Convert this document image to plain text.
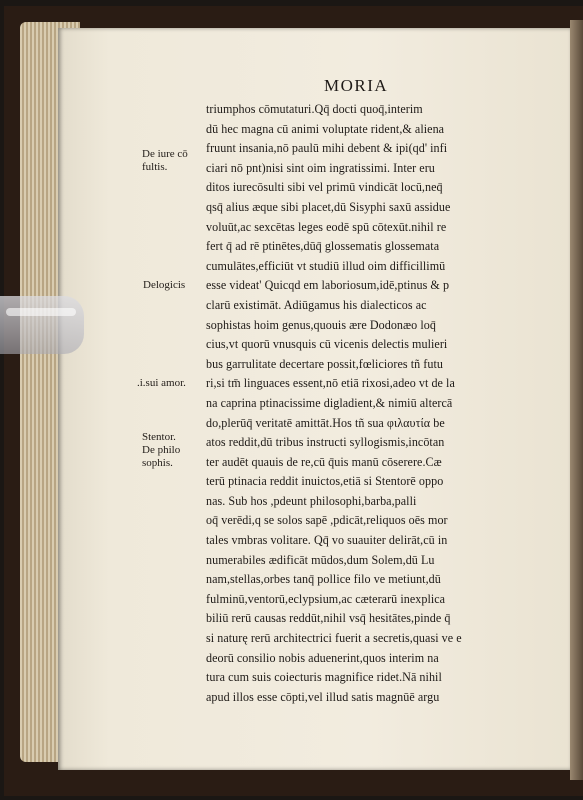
MORIA
De iure cō
fultis.
Delogicis
.i.sui amor.
Stentor.
De philo
sophis.
triumphos cōmutaturi.Qq̄ docti quoq̄,interim
dū hec magna cū animi voluptate rident,& aliena
fruunt insania,nō paulū mihi debent & ipi(qd' infi
ciari nō pnt)nisi sint oim ingratissimi. Inter eru
ditos iurecōsulti sibi vel primū vindicāt locū,neq̄
qsq̄ alius æque sibi placet,dū Sisyphi saxū assidue
voluūt,ac sexcētas leges eodē spū cōtexūt.nihil re
fert q̄ ad rē ptinētes,dūq̄ glossematis glossemata
cumulātes,efficiūt vt studiū illud oim difficillimū
esse videat' Quicqd em laboriosum,idē,ptinus & p
clarū existimāt. Adiūgamus his dialecticos ac
sophistas hoim genus,quouis ære Dodonæo loq̄
cius,vt quorū vnusquis cū vicenis delectis mulieri
bus garrulitate decertare possit,fœliciores tñ futu
ri,si tm̄ linguaces essent,nō etiā rixosi,adeo vt de la
na caprina ptinacissime digladient,& nimiū altercā
do,plerūq̄ veritatē amittāt.Hos tñ sua φιλαυτία be
atos reddit,dū tribus instructi syllogismis,incōtan
ter audēt quauis de re,cū q̄uis manū cōserere.Cæ
terū ptinacia reddit inuictos,etiā si Stentorē oppo
nas. Sub hos ,pdeunt philosophi,barba,palli
oq̄ verēdi,q se solos sapē ,pdicāt,reliquos oēs mor
tales vmbras volitare. Qq̄ vo suauiter delirāt,cū in
numerabiles ædificāt mūdos,dum Solem,dū Lu
nam,stellas,orbes tanq̄ pollice filo ve metiunt,dū
fulminū,ventorū,eclypsium,ac cæterarū inexplica
biliū rerū causas reddūt,nihil vsq̄ hesitātes,pinde q̄
si naturę rerū architectrici fuerit a secretis,quasi ve e
deorū consilio nobis aduenerint,quos interim na
tura cum suis coiecturis magnifice ridet.Nā nihil
apud illos esse cōpti,vel illud satis magnūē argu
